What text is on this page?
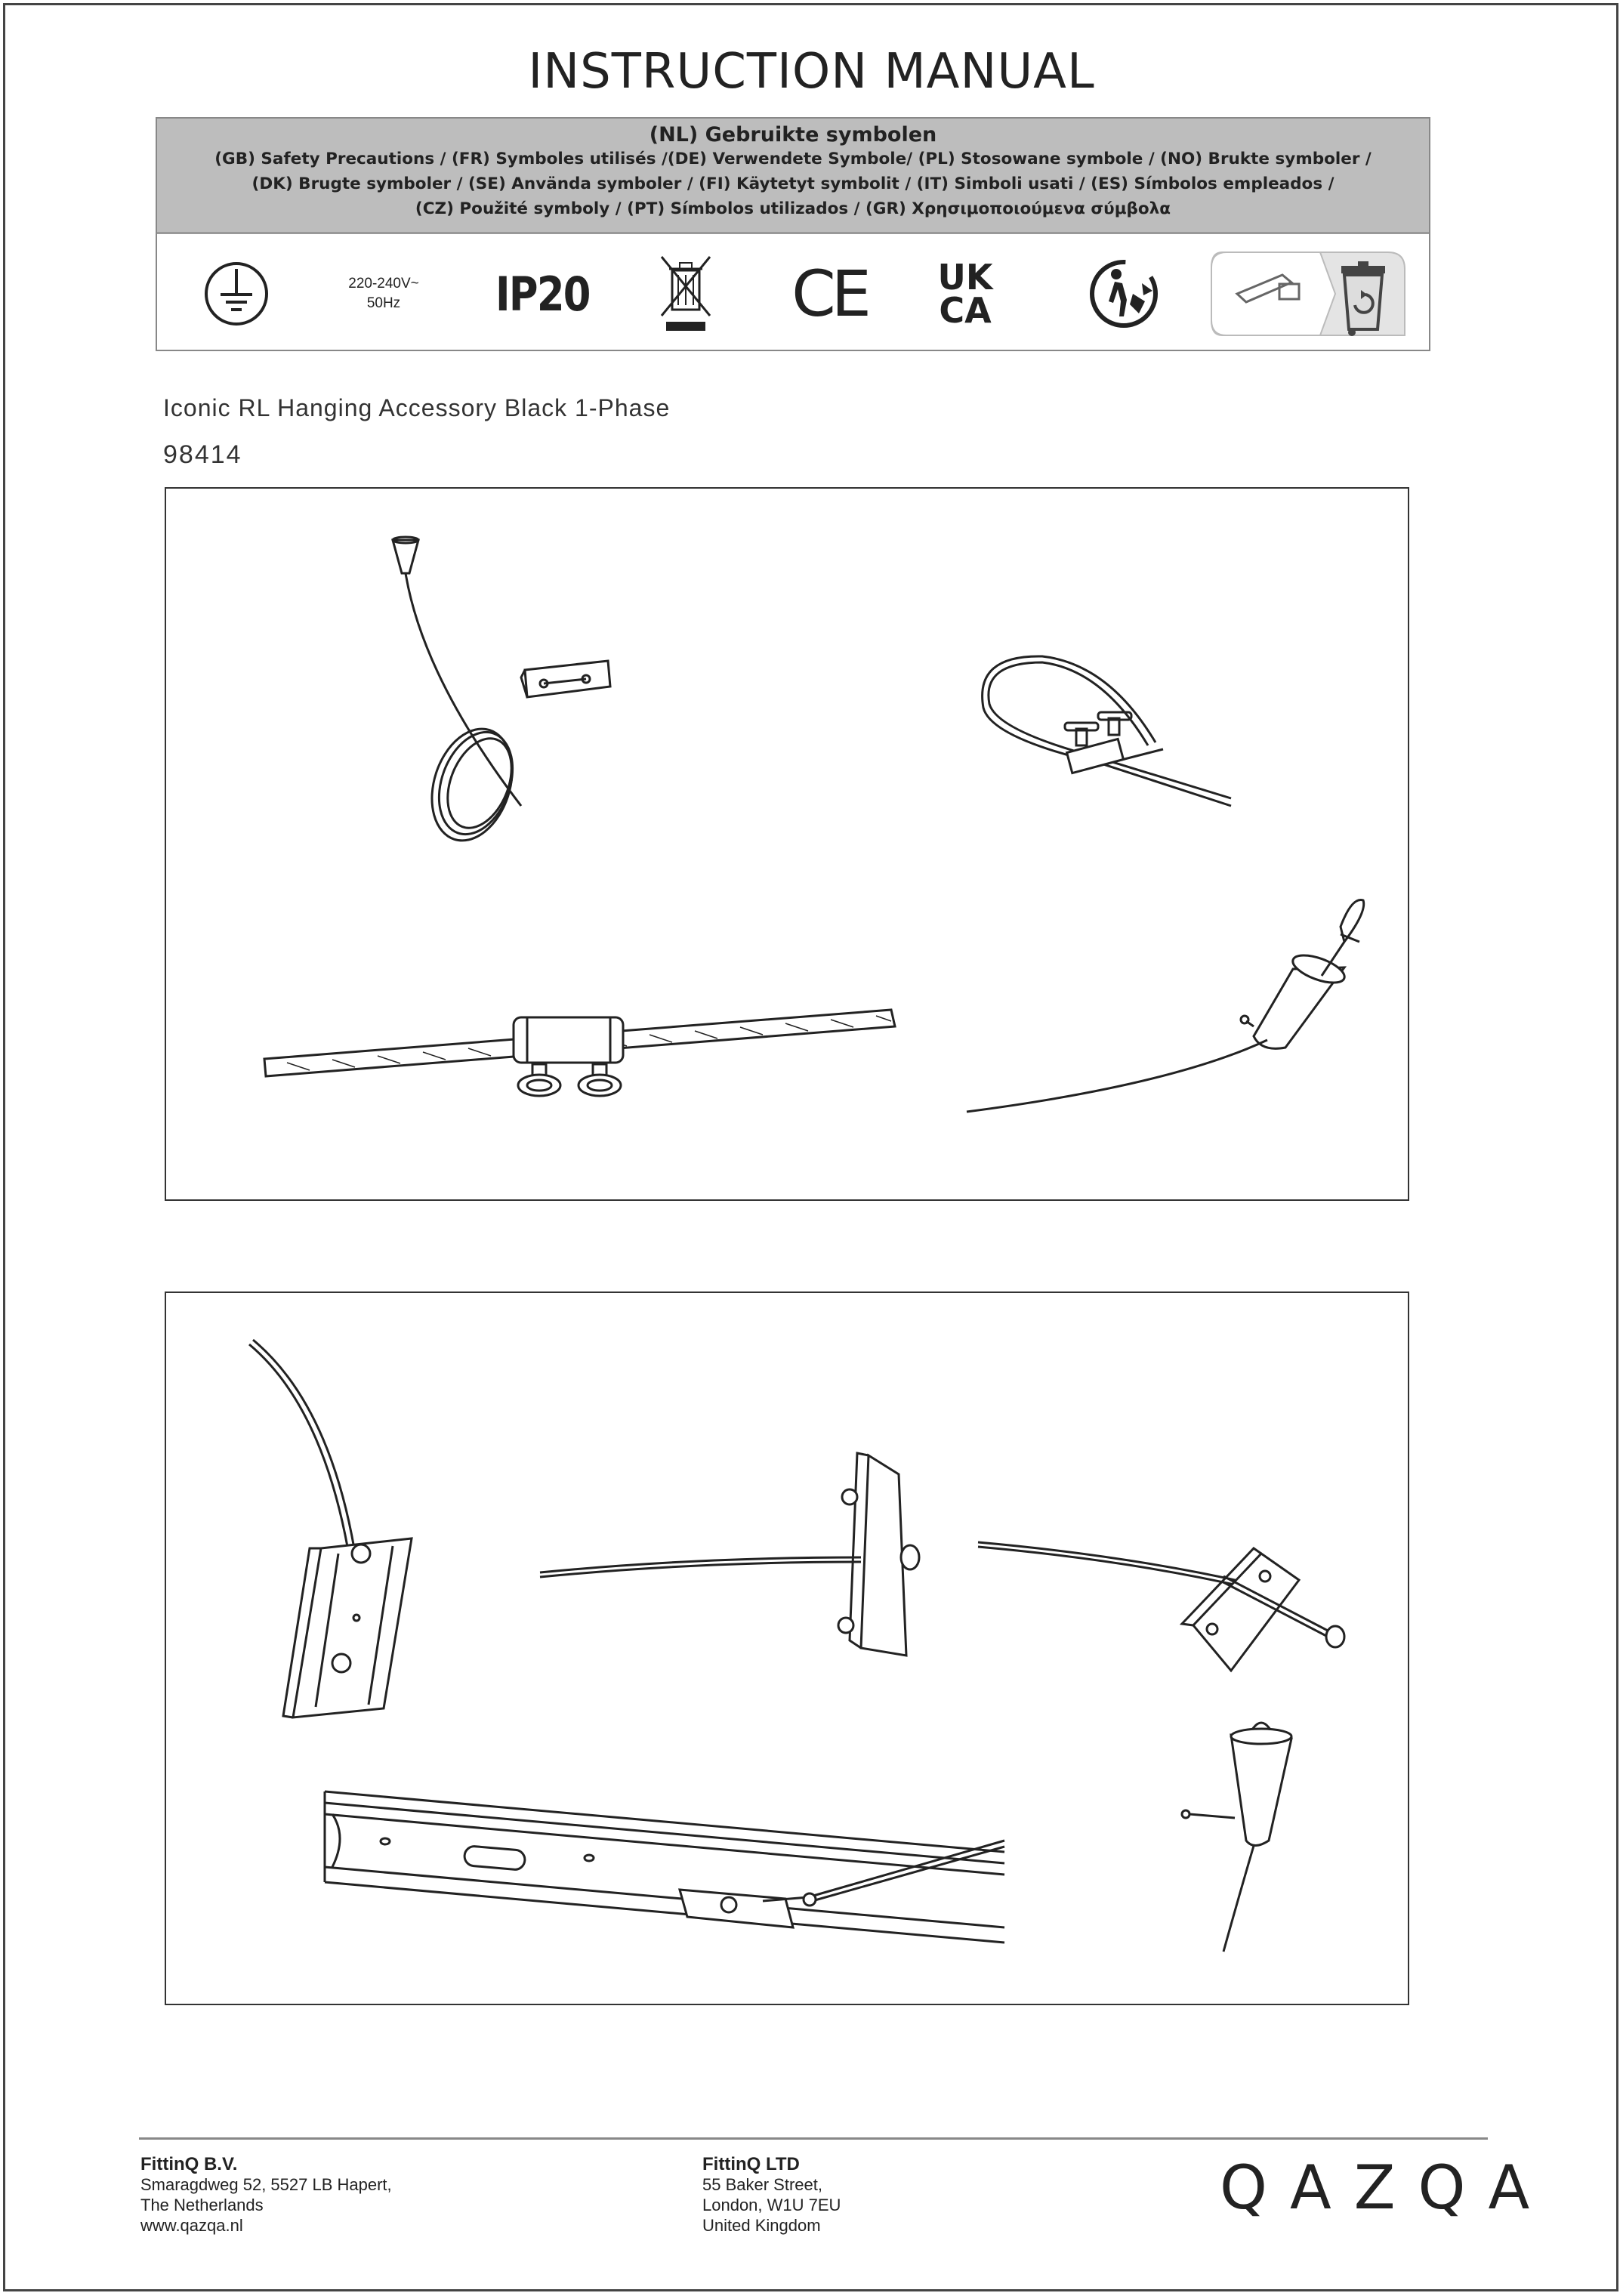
INSTRUCTION MANUAL
(NL) Gebruikte symbolen
(GB) Safety Precautions / (FR) Symboles utilisés /(DE) Verwendete Symbole/ (PL) Stosowane symbole / (NO) Brukte symboler /
(DK) Brugte symboler / (SE) Använda symboler / (FI) Käytetyt symbolit / (IT) Simboli usati / (ES) Símbolos empleados /
(CZ) Použité symboly / (PT) Símbolos utilizados / (GR) Χρησιμοποιούμενα σύμβολα
220-240V~
50Hz	IP20	CE UK
CA
Iconic RL Hanging Accessory Black 1-Phase
98414
FittinQ B.V.
Smaragdweg 52, 5527 LB Hapert,
The Netherlands
www.qazqa.nl
FittinQ LTD
55 Baker Street,
London, W1U 7EU
United Kingdom
QAZQA
